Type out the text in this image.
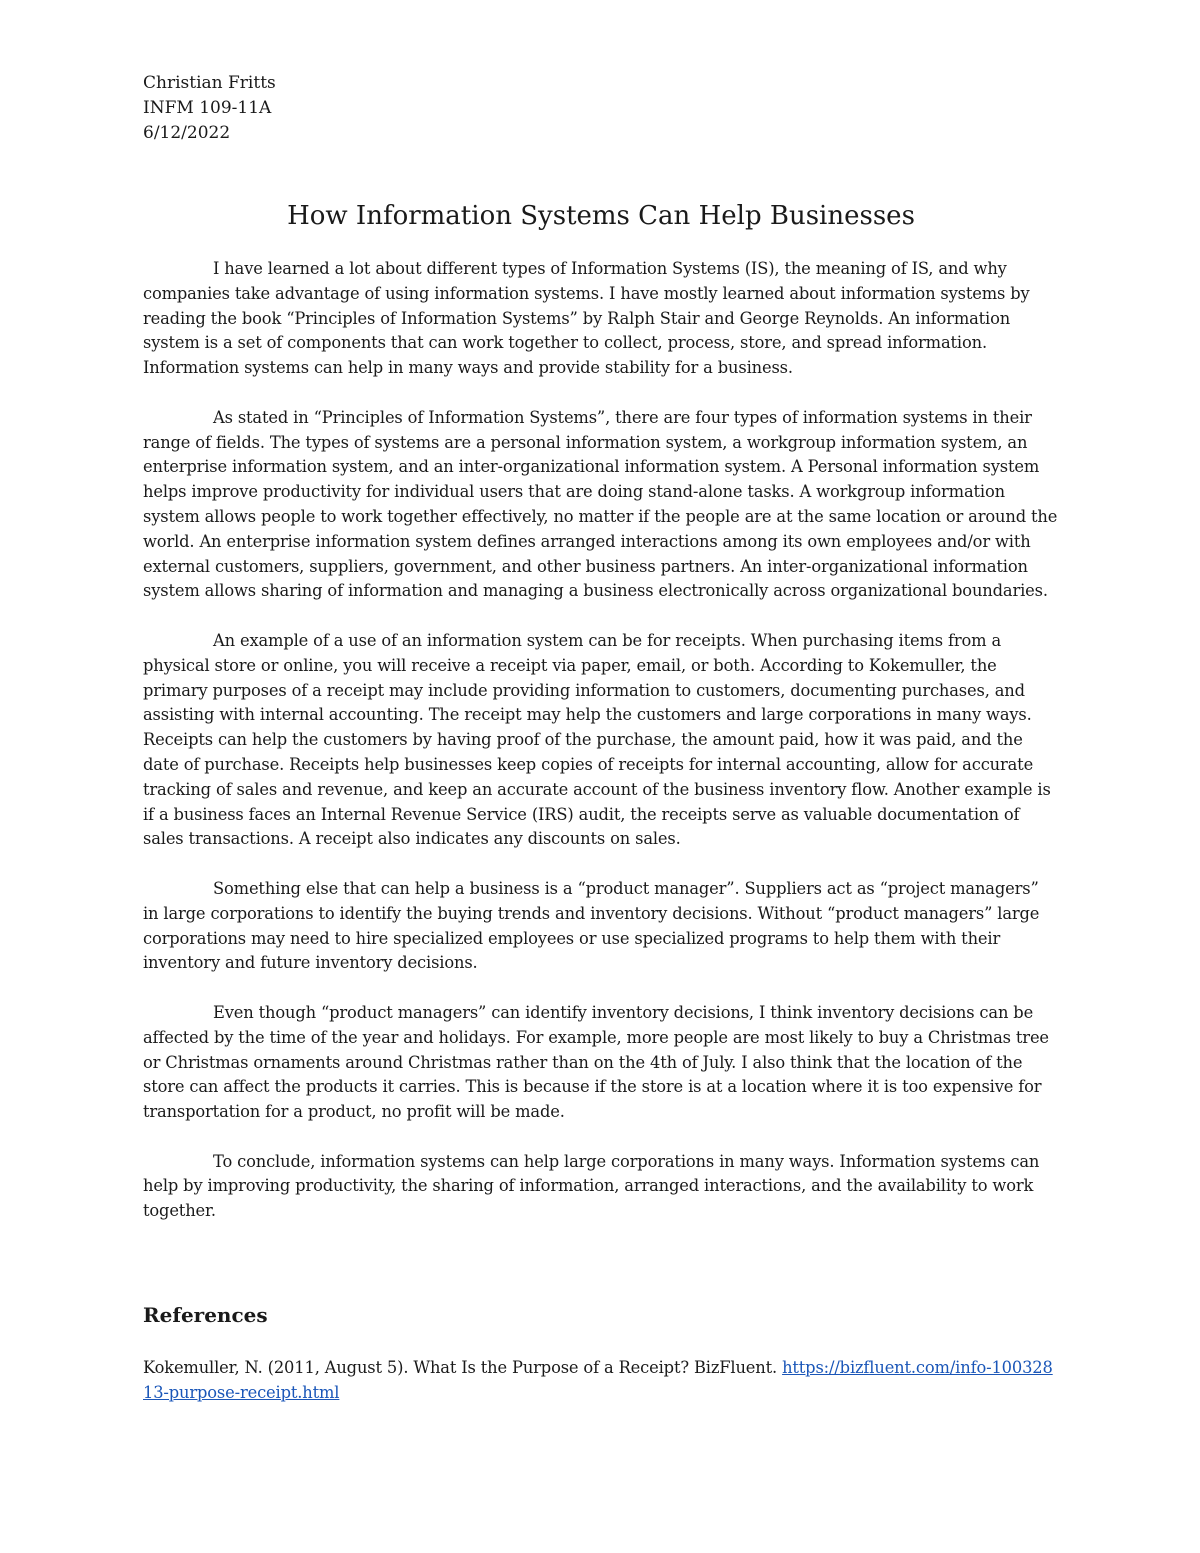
Christian Fritts
INFM 109-11A
6/12/2022
How Information Systems Can Help Businesses

I have learned a lot about different types of Information Systems (IS), the meaning of IS, and why companies take advantage of using information systems. I have mostly learned about information systems by reading the book “Principles of Information Systems” by Ralph Stair and George Reynolds. An information system is a set of components that can work together to collect, process, store, and spread information. Information systems can help in many ways and provide stability for a business.

As stated in “Principles of Information Systems”, there are four types of information systems in their range of fields. The types of systems are a personal information system, a workgroup information system, an enterprise information system, and an inter-organizational information system. A Personal information system helps improve productivity for individual users that are doing stand-alone tasks. A workgroup information system allows people to work together effectively, no matter if the people are at the same location or around the world. An enterprise information system defines arranged interactions among its own employees and/or with external customers, suppliers, government, and other business partners. An inter-organizational information system allows sharing of information and managing a business electronically across organizational boundaries.

An example of a use of an information system can be for receipts. When purchasing items from a physical store or online, you will receive a receipt via paper, email, or both. According to Kokemuller, the primary purposes of a receipt may include providing information to customers, documenting purchases, and assisting with internal accounting. The receipt may help the customers and large corporations in many ways. Receipts can help the customers by having proof of the purchase, the amount paid, how it was paid, and the date of purchase. Receipts help businesses keep copies of receipts for internal accounting, allow for accurate tracking of sales and revenue, and keep an accurate account of the business inventory flow. Another example is if a business faces an Internal Revenue Service (IRS) audit, the receipts serve as valuable documentation of sales transactions. A receipt also indicates any discounts on sales.

Something else that can help a business is a “product manager”. Suppliers act as “project managers” in large corporations to identify the buying trends and inventory decisions. Without “product managers” large corporations may need to hire specialized employees or use specialized programs to help them with their inventory and future inventory decisions.

Even though “product managers” can identify inventory decisions, I think inventory decisions can be affected by the time of the year and holidays. For example, more people are most likely to buy a Christmas tree or Christmas ornaments around Christmas rather than on the 4th of July. I also think that the location of the store can affect the products it carries. This is because if the store is at a location where it is too expensive for transportation for a product, no profit will be made.

To conclude, information systems can help large corporations in many ways. Information systems can help by improving productivity, the sharing of information, arranged interactions, and the availability to work together.

References

Kokemuller, N. (2011, August 5). What Is the Purpose of a Receipt? BizFluent. https://bizfluent.com/info-10032813-purpose-receipt.html
